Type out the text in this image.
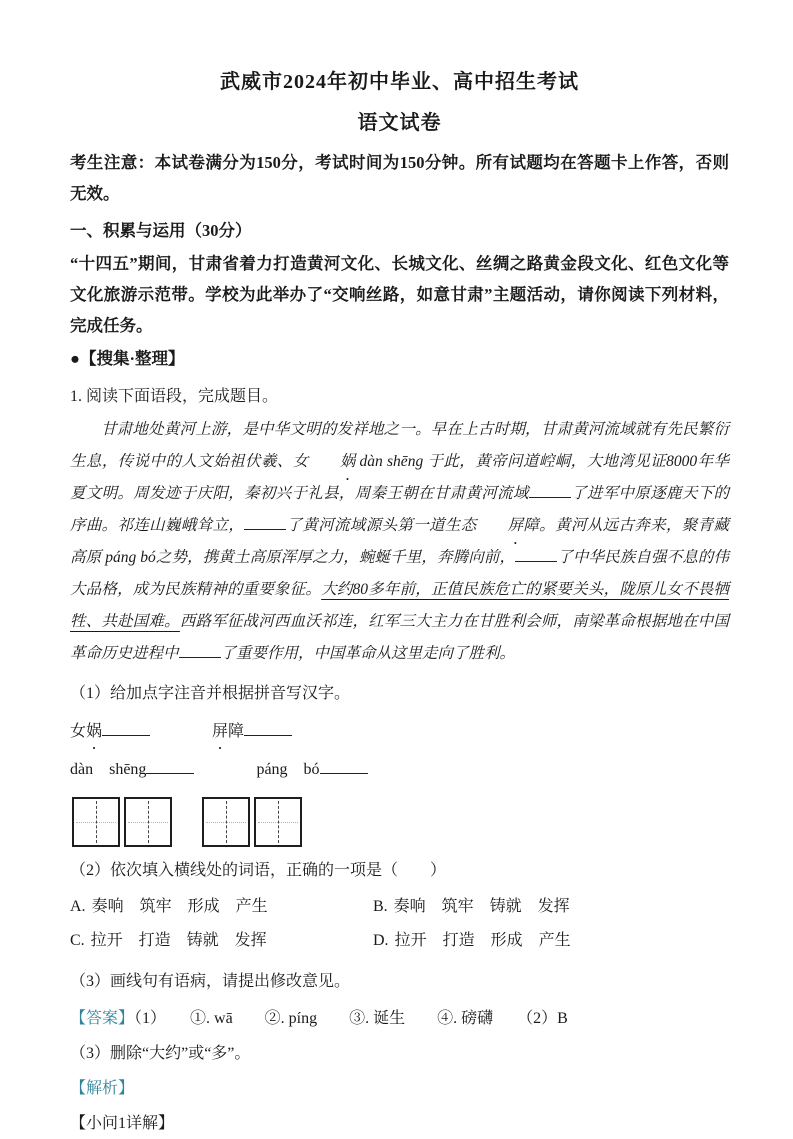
武威市2024年初中毕业、高中招生考试

语文试卷

考生注意：本试卷满分为150分，考试时间为150分钟。所有试题均在答题卡上作答，否则无效。

一、积累与运用（30分）

“十四五”期间，甘肃省着力打造黄河文化、长城文化、丝绸之路黄金段文化、红色文化等文化旅游示范带。学校为此举办了“交响丝路，如意甘肃”主题活动，请你阅读下列材料，完成任务。

●【搜集·整理】

1. 阅读下面语段，完成题目。

甘肃地处黄河上游，是中华文明的发祥地之一。早在上古时期，甘肃黄河流域就有先民繁衍生息，传说中的人文始祖伏羲、女 娲 dàn shēng 于此，黄帝问道崆峒，大地湾见证8000年华夏文明。周发迹于庆阳，秦初兴于礼县，周秦王朝在甘肃黄河流域	了进军中原逐鹿天下的序曲。祁连山巍峨耸立，	了黄河流域源头第一道生态 屏障。黄河从远古奔来，聚青藏高原 páng bó之势，携黄土高原浑厚之力，蜿蜒千里，奔腾向前，	了中华民族自强不息的伟大品格，成为民族精神的重要象征。大约80多年前，正值民族危亡的紧要关头，陇原儿女不畏牺牲、共赴国难。西路军征战河西血沃祁连，红军三大主力在甘胜利会师，南梁革命根据地在中国革命历史进程中	了重要作用，中国革命从这里走向了胜利。

（1）给加点字注音并根据拼音写汉字。

女娲	屏障
dàn　shēng	páng　bó

（2）依次填入横线处的词语，正确的一项是（　　）

A. 奏响　筑牢　形成　产生	B. 奏响　筑牢　铸就　发挥
C. 拉开　打造　铸就　发挥	D. 拉开　打造　形成　产生

（3）画线句有语病，请提出修改意见。

【答案】（1）　　①. wā　　②. píng　　③. 诞生　　④. 磅礴　　（2）B

（3）删除“大约”或“多”。

【解析】

【小问1详解】
